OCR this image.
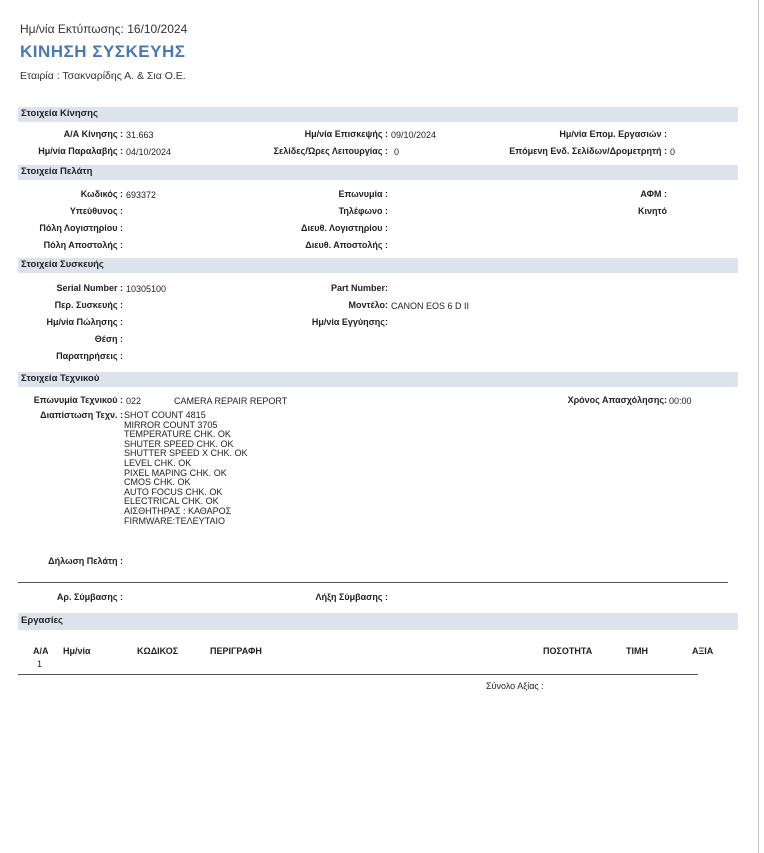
Ημ/νία Εκτύπωσης: 16/10/2024
ΚΙΝΗΣΗ ΣΥΣΚΕΥΗΣ
Εταιρία : Τσακναρίδης Α. & Σια Ο.Ε.
Στοιχεία Κίνησης
Α/Α Κίνησης : 31.663	Ημ/νία Επισκεψής : 09/10/2024	Ημ/νία Επομ. Εργασιών :
Ημ/νία Παραλαβής : 04/10/2024	Σελίδες/Ώρες Λειτουργίας : 0	Επόμενη Ενδ. Σελίδων/Δρομετρητή : 0
Στοιχεία Πελάτη
Κωδικός : 693372	Επωνυμία :	ΑΦΜ :
Υπεύθυνος :	Τηλέφωνο :	Κινητό
Πόλη Λογιστηρίου :	Διευθ. Λογιστηρίου :
Πόλη Αποστολής :	Διευθ. Αποστολής :
Στοιχεία Συσκευής
Serial Number : 10305100	Part Number:
Περ. Συσκευής :	Μοντέλο: CANON EOS 6 D II
Ημ/νία Πώλησης :	Ημ/νία Εγγύησης:
Θέση :
Παρατηρήσεις :
Στοιχεία Τεχνικού
Επωνυμία Τεχνικού : 022	CAMERA REPAIR REPORT	Χρόνος Απασχόλησης: 00:00
Διαπίστωση Τεχν. : SHOT COUNT 4815
MIRROR COUNT 3705
TEMPERATURE CHK. OK
SHUTER SPEED CHK. OK
SHUTTER SPEED X CHK. OK
LEVEL CHK. OK
PIXEL MAPING CHK. OK
CMOS CHK. OK
AUTO FOCUS CHK. OK
ELECTRICAL CHK. OK
ΑΙΣΘΗΤΗΡΑΣ : ΚΑΘΑΡΟΣ
FIRMWARE:ΤΕΛΕΥΤΑΙΟ
Δήλωση Πελάτη :
Αρ. Σύμβασης :	Λήξη Σύμβασης :
Εργασίες
Α/Α Ημ/νία	ΚΩΔΙΚΟΣ	ΠΕΡΙΓΡΑΦΗ	ΠΟΣΟΤΗΤΑ	ΤΙΜΗ	ΑΞΙΑ
1
Σύνολο Αξίας :
